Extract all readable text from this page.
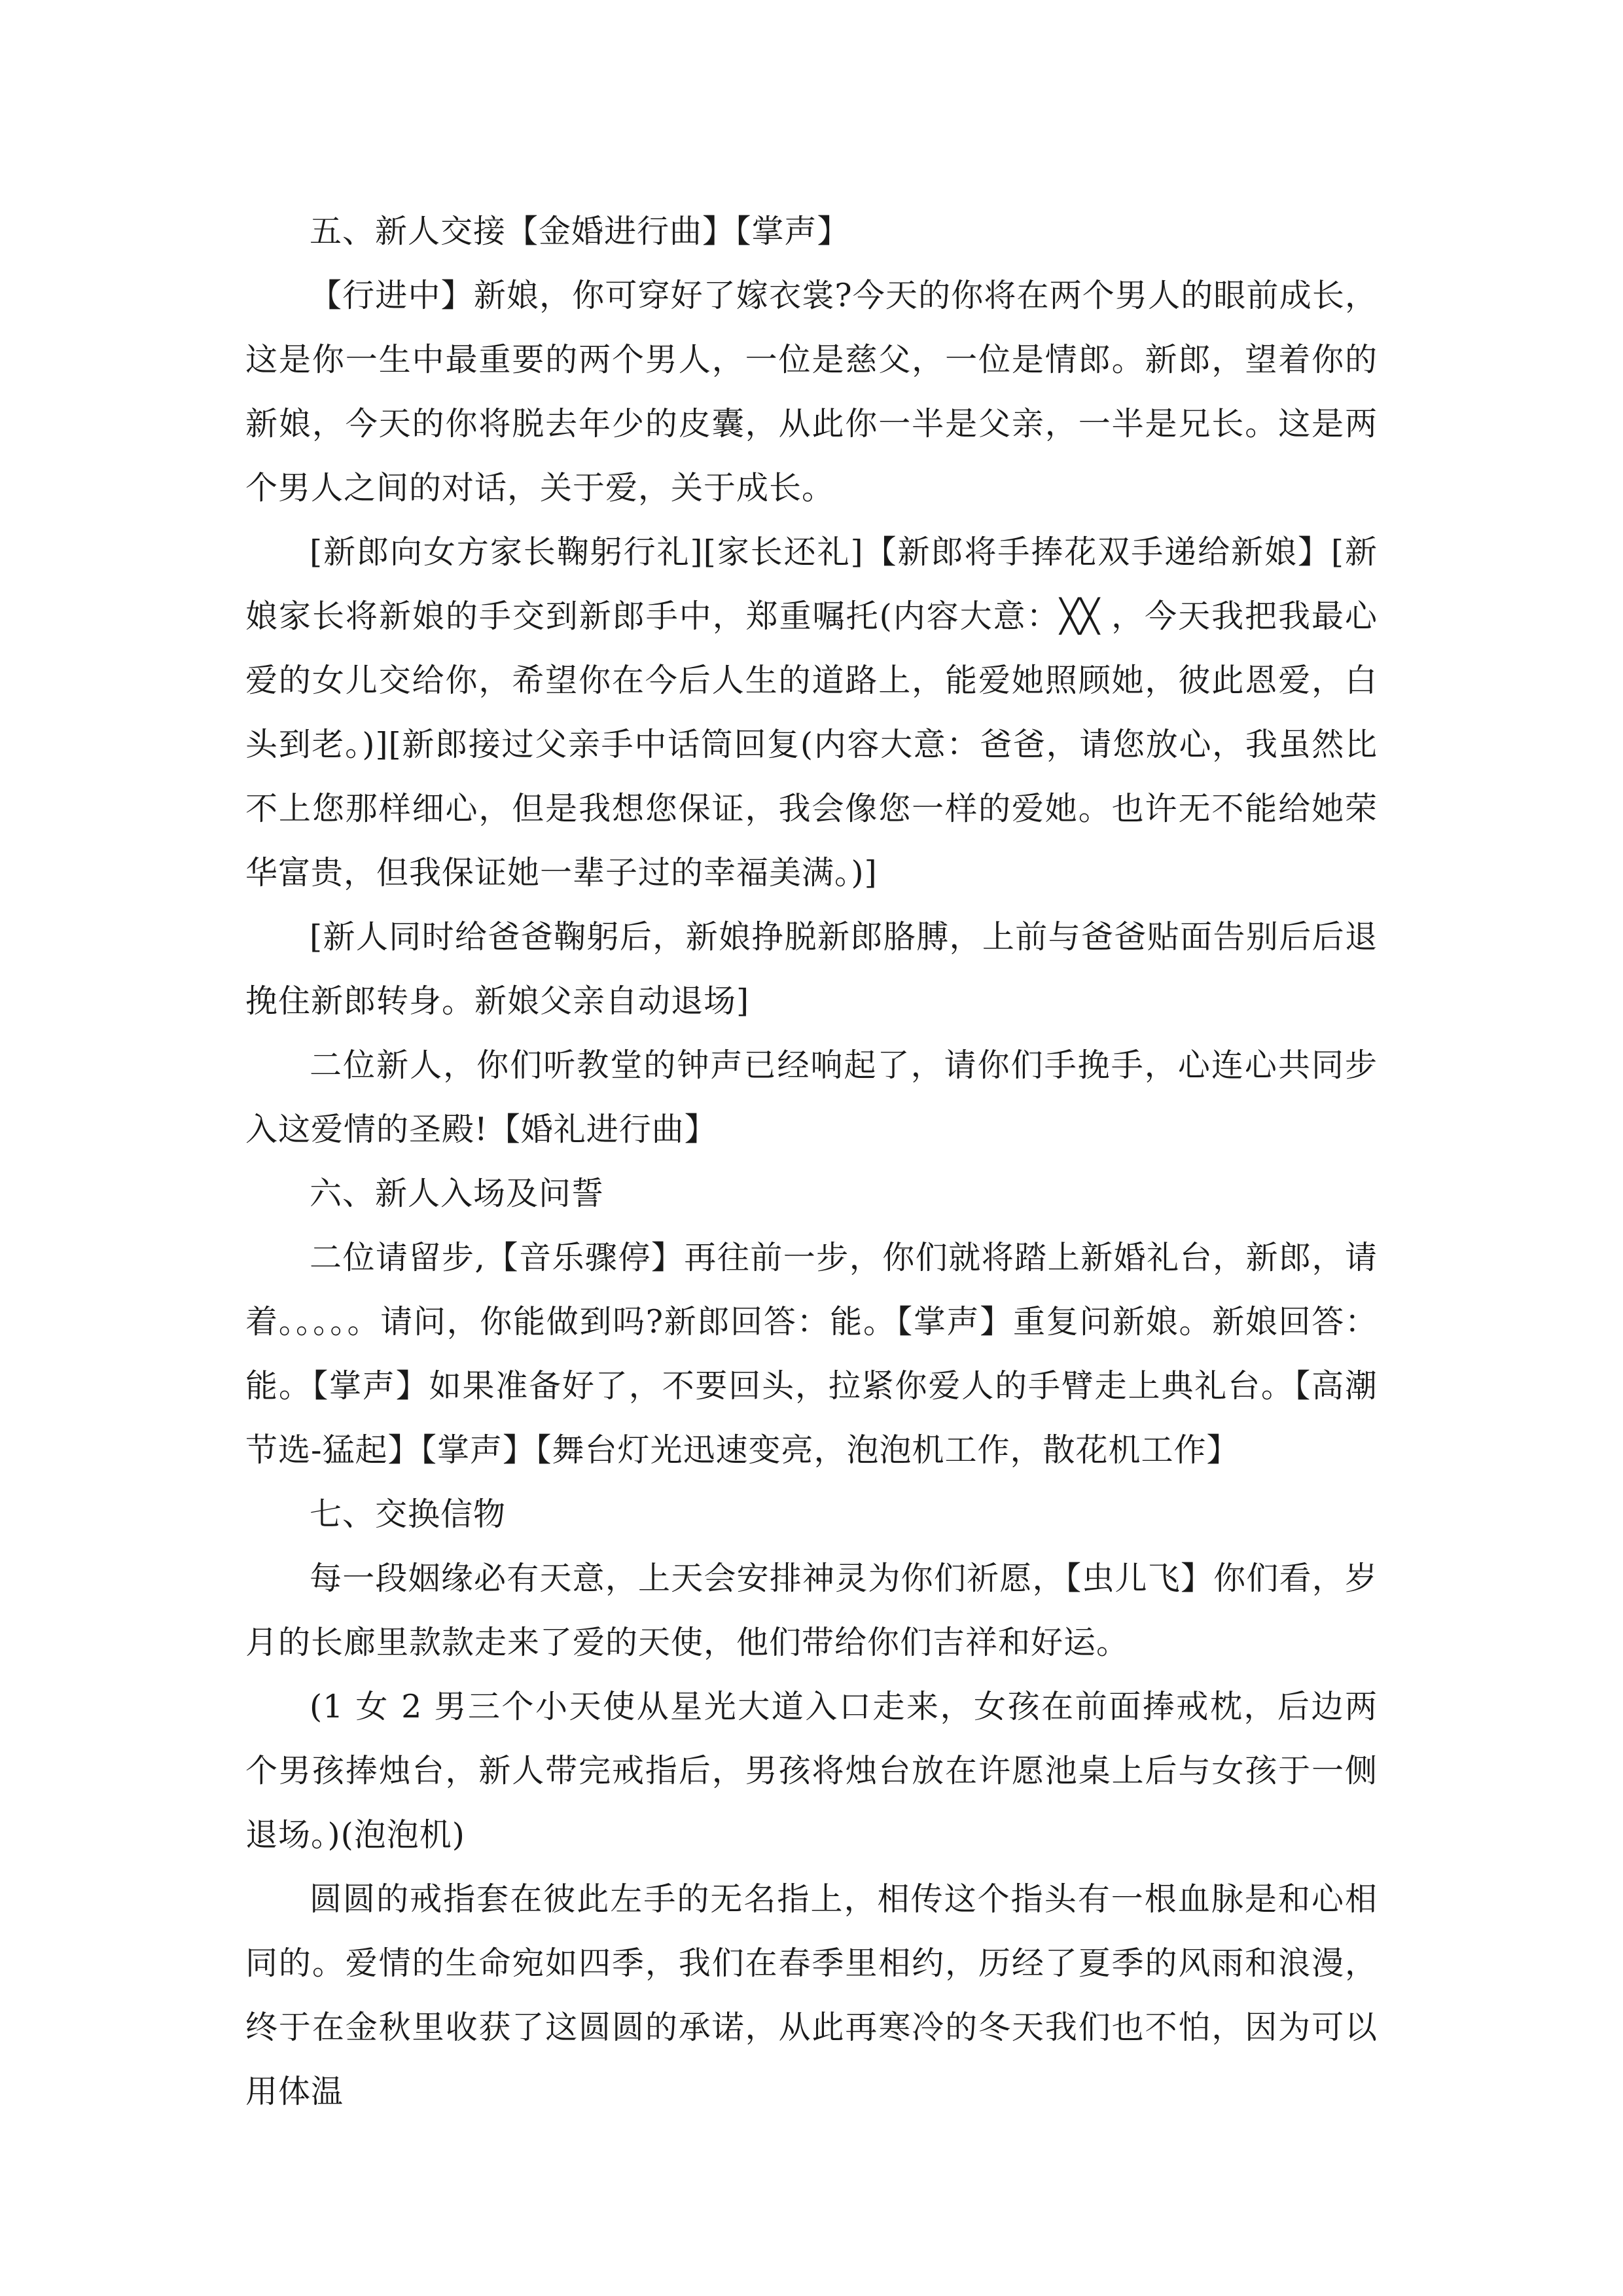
五、新人交接【金婚进行曲】【掌声】

【行进中】新娘，你可穿好了嫁衣裳?今天的你将在两个男人的眼前成长，这是你一生中最重要的两个男人，一位是慈父，一位是情郎。新郎，望着你的新娘，今天的你将脱去年少的皮囊，从此你一半是父亲，一半是兄长。这是两个男人之间的对话，关于爱，关于成长。

[新郎向女方家长鞠躬行礼][家长还礼]【新郎将手捧花双手递给新娘】[新娘家长将新娘的手交到新郎手中，郑重嘱托(内容大意：╳╳ ，今天我把我最心爱的女儿交给你，希望你在今后人生的道路上，能爱她照顾她，彼此恩爱，白头到老。)][新郎接过父亲手中话筒回复(内容大意：爸爸，请您放心，我虽然比不上您那样细心，但是我想您保证，我会像您一样的爱她。也许无不能给她荣华富贵，但我保证她一辈子过的幸福美满。)]

[新人同时给爸爸鞠躬后，新娘挣脱新郎胳膊，上前与爸爸贴面告别后后退挽住新郎转身。新娘父亲自动退场]

二位新人，你们听教堂的钟声已经响起了，请你们手挽手，心连心共同步入这爱情的圣殿!【婚礼进行曲】

六、新人入场及问誓

二位请留步,【音乐骤停】再往前一步，你们就将踏上新婚礼台，新郎，请着。。。。。请问，你能做到吗?新郎回答：能。【掌声】重复问新娘。新娘回答：能。【掌声】如果准备好了，不要回头，拉紧你爱人的手臂走上典礼台。【高潮节选-猛起】【掌声】【舞台灯光迅速变亮，泡泡机工作，散花机工作】

七、交换信物

每一段姻缘必有天意，上天会安排神灵为你们祈愿，【虫儿飞】你们看，岁月的长廊里款款走来了爱的天使，他们带给你们吉祥和好运。

(1 女 2 男三个小天使从星光大道入口走来，女孩在前面捧戒枕，后边两个男孩捧烛台，新人带完戒指后，男孩将烛台放在许愿池桌上后与女孩于一侧退场。)(泡泡机)

圆圆的戒指套在彼此左手的无名指上，相传这个指头有一根血脉是和心相同的。爱情的生命宛如四季，我们在春季里相约，历经了夏季的风雨和浪漫，终于在金秋里收获了这圆圆的承诺，从此再寒冷的冬天我们也不怕，因为可以用体温
